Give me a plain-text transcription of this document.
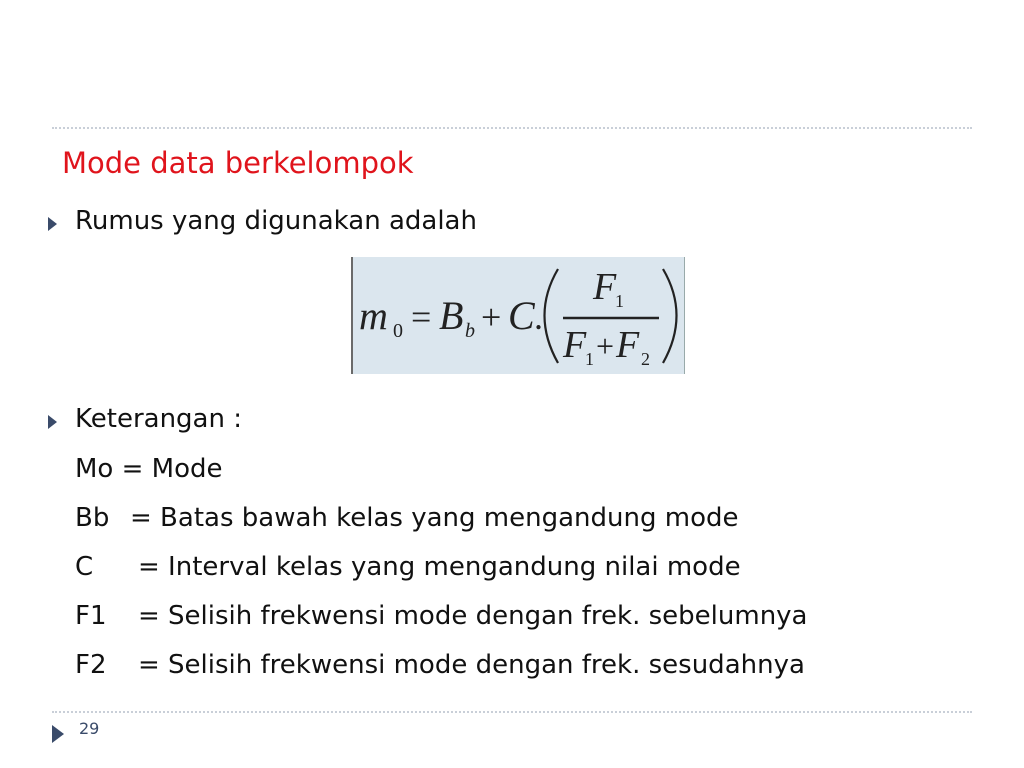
Mode data berkelompok
Rumus yang digunakan adalah
m 0 = B b + C .
F
1
F
1 + F 2
Keterangan :
Mo = Mode
Bb = Batas bawah kelas yang mengandung mode
C = Interval kelas yang mengandung nilai mode
F1 = Selisih frekwensi mode dengan frek. sebelumnya
F2 = Selisih frekwensi mode dengan frek. sesudahnya
29
